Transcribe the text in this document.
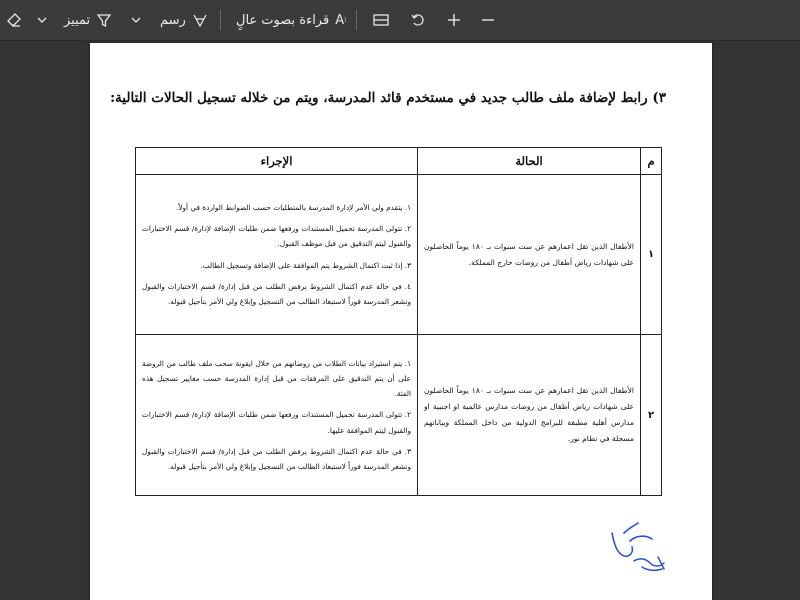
تمييز	رسم	قراءة بصوت عالٍ A⁾
٣) رابط لإضافة ملف طالب جديد في مستخدم قائد المدرسة، ويتم من خلاله تسجيل الحالات التالية:
م	الحالة	الإجراء
١	الأطفال الذين تقل اعمارهم عن ست سنوات بـ ١٨٠ يوماً الحاصلون على شهادات رياض أطفال من روضات خارج المملكة.	١. يتقدم ولي الأمر لإدارة المدرسة بالمتطلبات حسب الضوابط الواردة في أولاً.

٢. تتولى المدرسة تحميل المستندات ورفعها ضمن طلبات الإضافة لإدارة/ قسم الاختبارات والقبول ليتم التدقيق من قبل موظف القبول.

٣. إذا ثبت اكتمال الشروط يتم الموافقة على الإضافة وتسجيل الطالب.

٤. في حالة عدم اكتمال الشروط يرفض الطلب من قبل إدارة/ قسم الاختبارات والقبول وتشعر المدرسة فوراً لاستبعاد الطالب من التسجيل وإبلاغ ولي الأمر بتأجيل قبوله.

٢	الأطفال الذين تقل اعمارهم عن ست سنوات بـ ١٨٠ يوماً الحاصلون على شهادات رياض أطفال من روضات مدارس عالمية او اجنبية او مدارس أهلية مطبقة للبرامج الدولية من داخل المملكة وبياناتهم مسجلة في نظام نور.	١. يتم استيراد بيانات الطلاب من روضاتهم من خلال ايقونة سحب ملف طالب من الروضة على أن يتم التدقيق على المرفقات من قبل إدارة المدرسة حسب معايير تسجيل هذه الفئة.

٢. تتولى المدرسة تحميل المستندات ورفعها ضمن طلبات الإضافة لإدارة/ قسم الاختبارات والقبول ليتم الموافقة عليها.

٣. في حالة عدم اكتمال الشروط يرفض الطلب من قبل إدارة/ قسم الاختبارات والقبول وتشعر المدرسة فوراً لاستبعاد الطالب من التسجيل وإبلاغ ولي الأمر بتأجيل قبوله.
